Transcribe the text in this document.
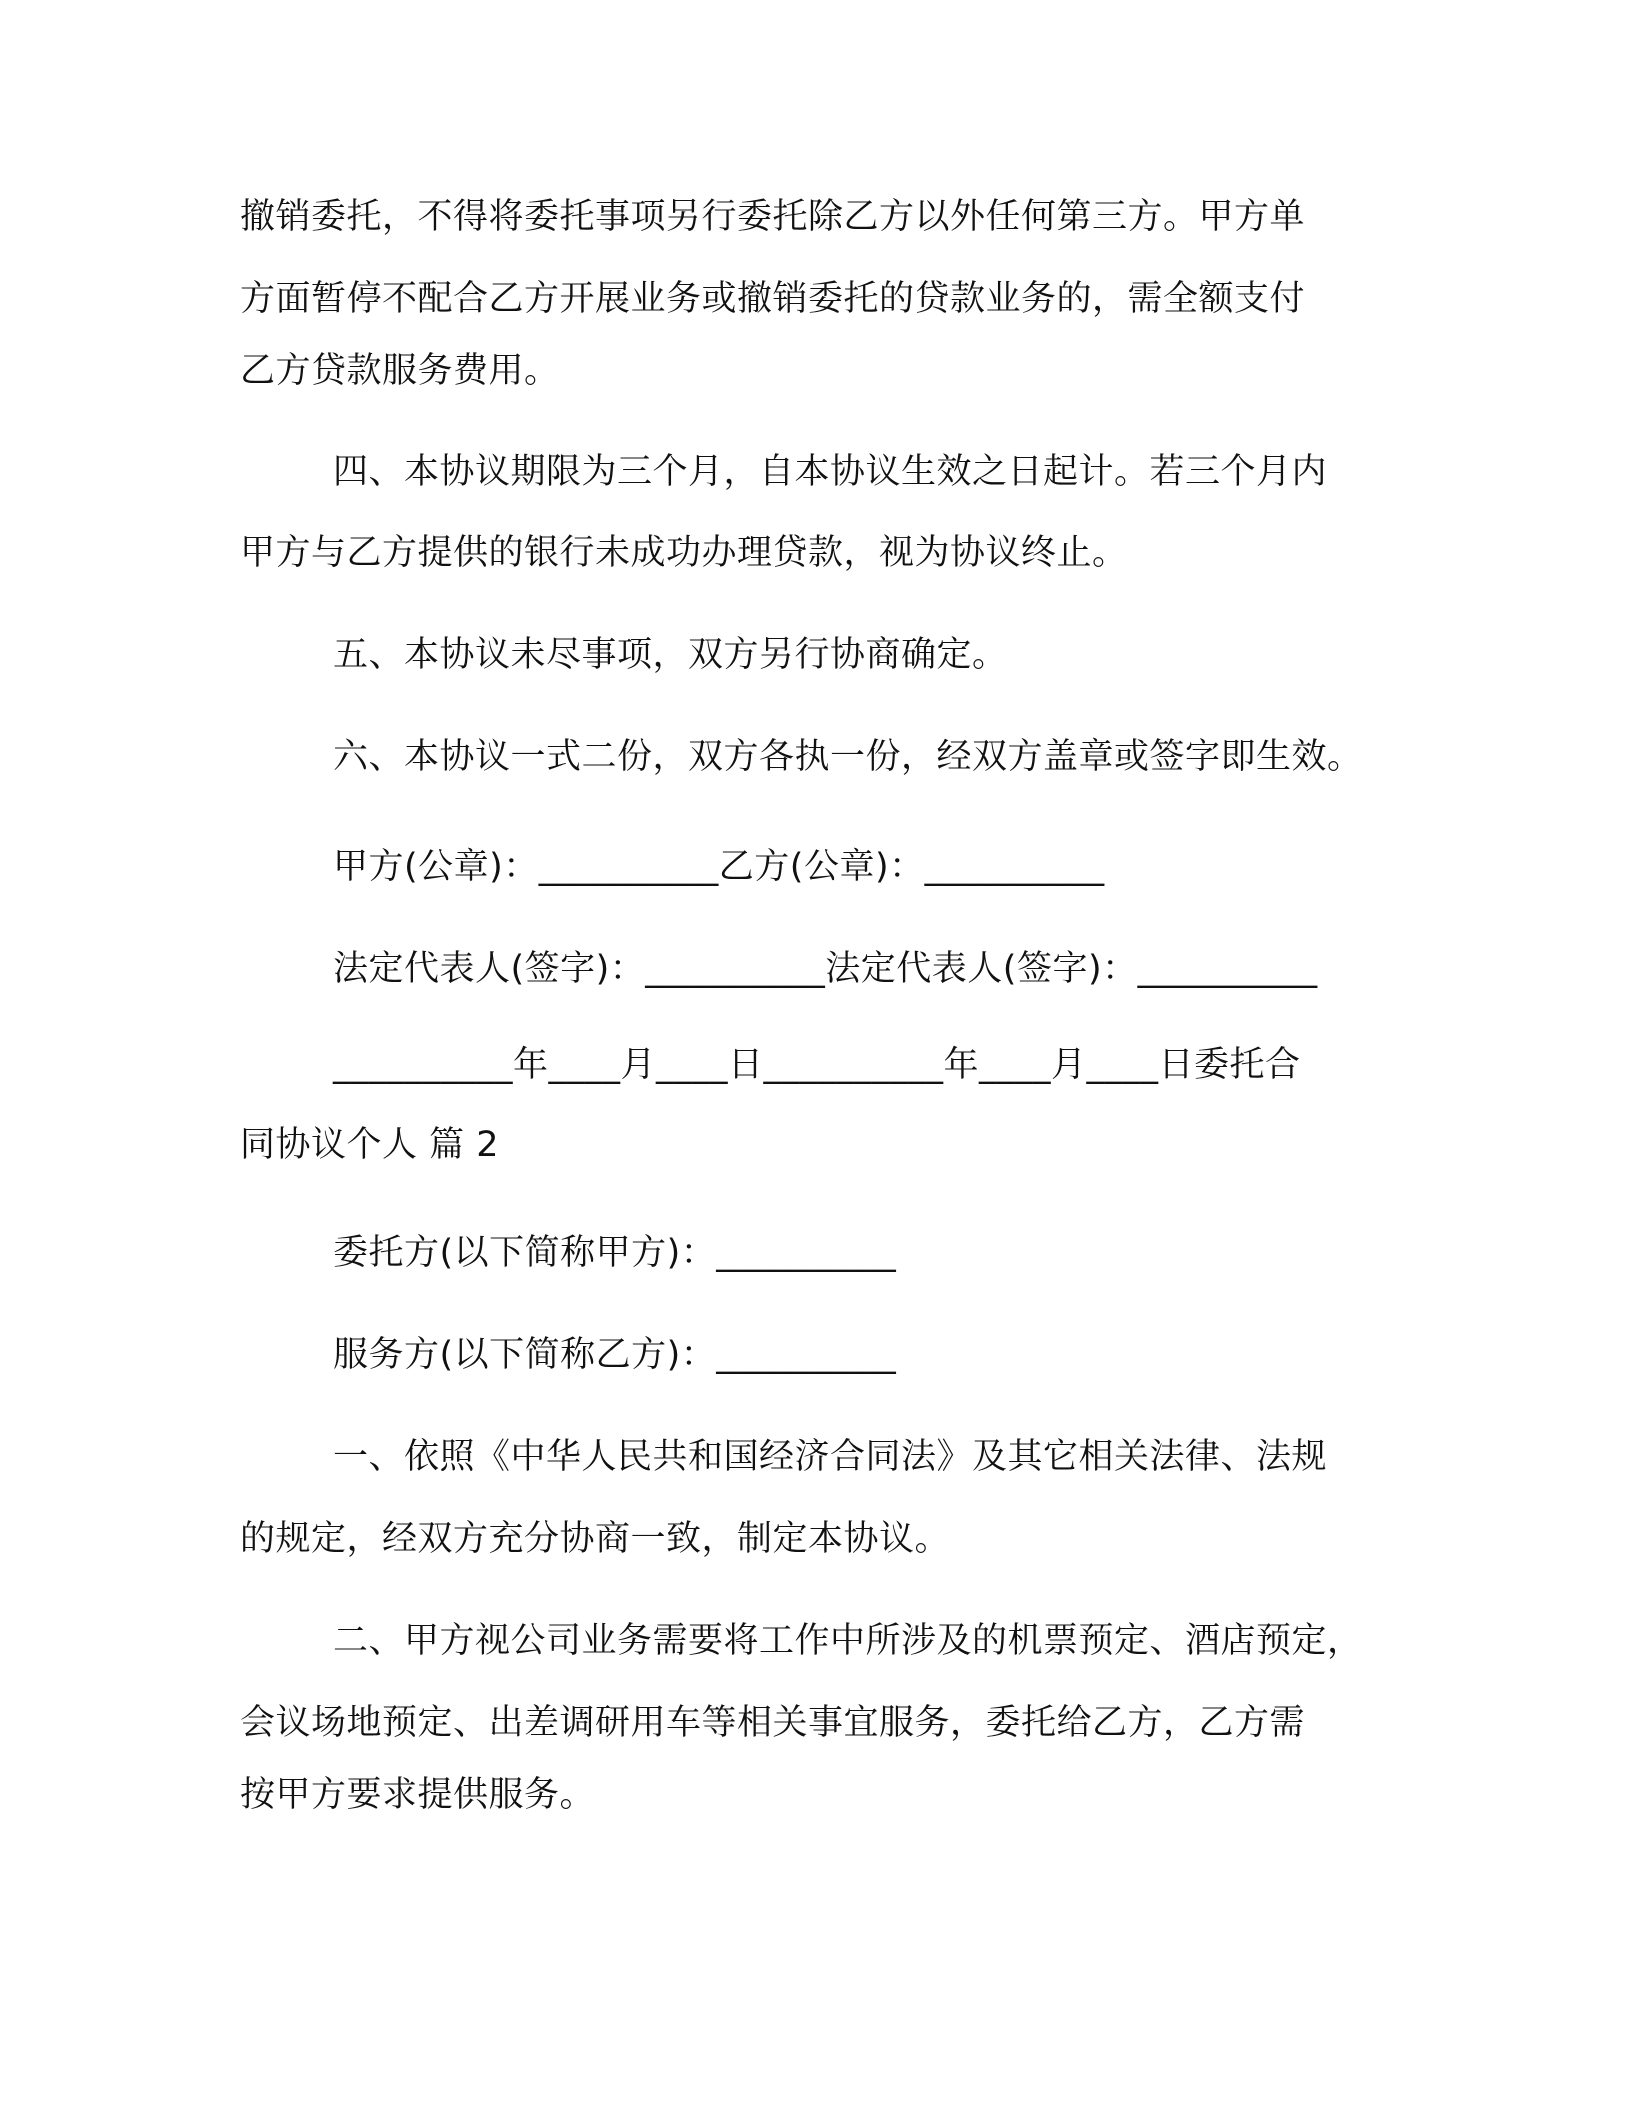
撤销委托，不得将委托事项另行委托除乙方以外任何第三方。甲方单
方面暂停不配合乙方开展业务或撤销委托的贷款业务的，需全额支付
乙方贷款服务费用。
四、本协议期限为三个月，自本协议生效之日起计。若三个月内
甲方与乙方提供的银行未成功办理贷款，视为协议终止。
五、本协议未尽事项，双方另行协商确定。
六、本协议一式二份，双方各执一份，经双方盖章或签字即生效。
甲方(公章)：__________乙方(公章)：__________
法定代表人(签字)：__________法定代表人(签字)：__________
__________年____月____日__________年____月____日委托合
同协议个人 篇 2
委托方(以下简称甲方)：__________
服务方(以下简称乙方)：__________
一、依照《中华人民共和国经济合同法》及其它相关法律、法规
的规定，经双方充分协商一致，制定本协议。
二、甲方视公司业务需要将工作中所涉及的机票预定、酒店预定，
会议场地预定、出差调研用车等相关事宜服务，委托给乙方，乙方需
按甲方要求提供服务。
